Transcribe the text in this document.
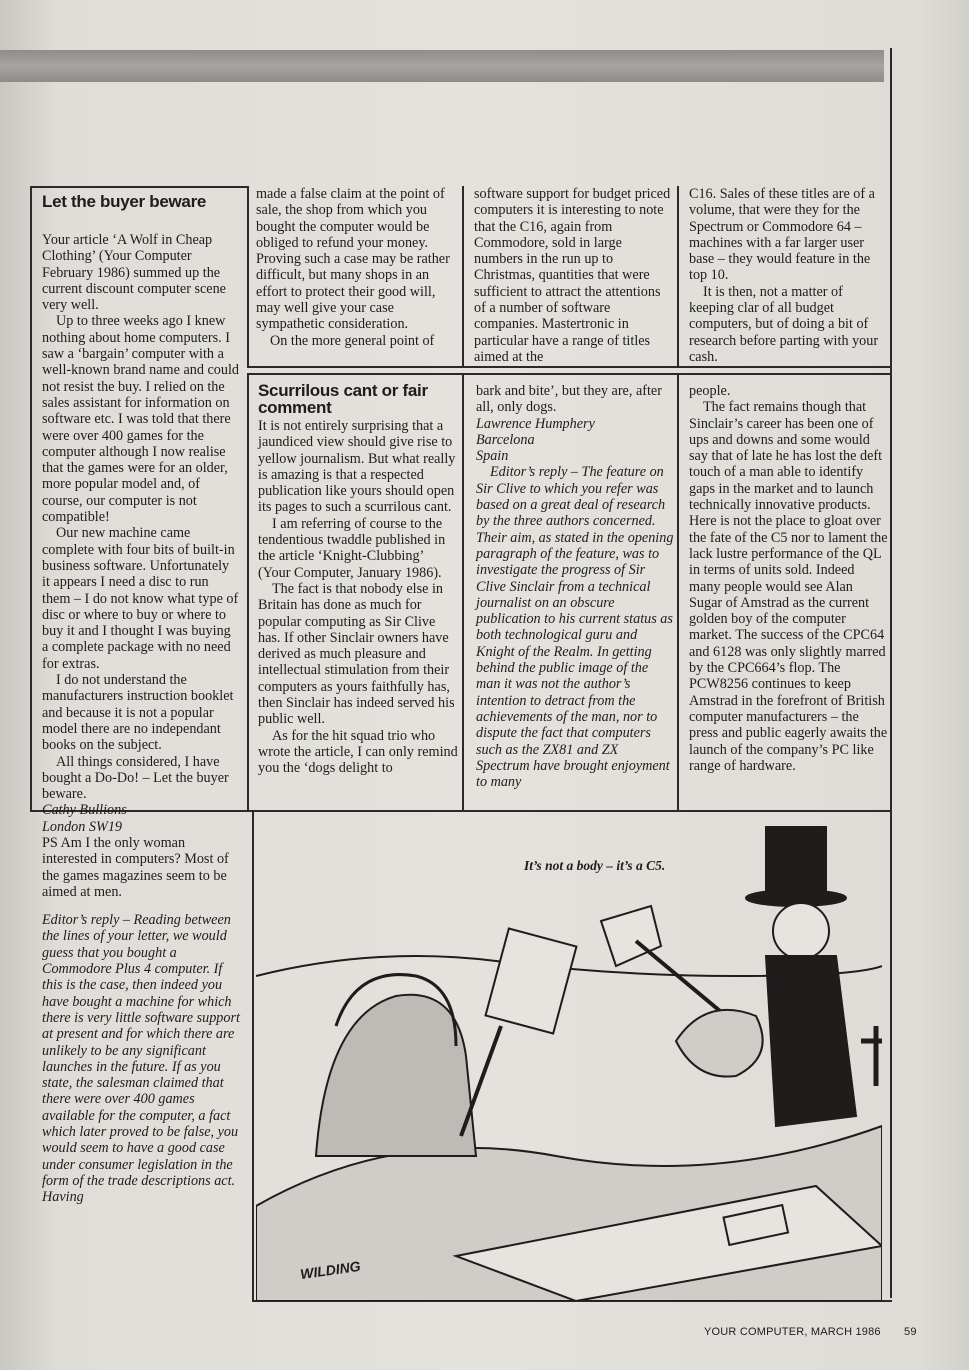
Let the buyer beware

Your article ‘A Wolf in Cheap Clothing’ (Your Computer February 1986) summed up the current discount computer scene very well.

Up to three weeks ago I knew nothing about home computers. I saw a ‘bargain’ computer with a well-known brand name and could not resist the buy. I relied on the sales assistant for information on software etc. I was told that there were over 400 games for the computer although I now realise that the games were for an older, more popular model and, of course, our computer is not compatible!

Our new machine came complete with four bits of built-in business software. Unfortunately it appears I need a disc to run them – I do not know what type of disc or where to buy or where to buy it and I thought I was buying a complete package with no need for extras.

I do not understand the manufacturers instruction booklet and because it is not a popular model there are no independant books on the subject.

All things considered, I have bought a Do-Do! – Let the buyer beware.

Cathy Bullions

London SW19

PS Am I the only woman interested in computers? Most of the games magazines seem to be aimed at men.

Editor’s reply – Reading between the lines of your letter, we would guess that you bought a Commodore Plus 4 computer. If this is the case, then indeed you have bought a machine for which there is very little software support at present and for which there are unlikely to be any significant launches in the future. If as you state, the salesman claimed that there were over 400 games available for the computer, a fact which later proved to be false, you would seem to have a good case under consumer legislation in the form of the trade descriptions act. Having

made a false claim at the point of sale, the shop from which you bought the computer would be obliged to refund your money. Proving such a case may be rather difficult, but many shops in an effort to protect their good will, may well give your case sympathetic consideration.

On the more general point of

software support for budget priced computers it is interesting to note that the C16, again from Commodore, sold in large numbers in the run up to Christmas, quantities that were sufficient to attract the attentions of a number of software companies. Mastertronic in particular have a range of titles aimed at the

C16. Sales of these titles are of a volume, that were they for the Spectrum or Commodore 64 – machines with a far larger user base – they would feature in the top 10.

It is then, not a matter of keeping clar of all budget computers, but of doing a bit of research before parting with your cash.

Scurrilous cant or fair comment

It is not entirely surprising that a jaundiced view should give rise to yellow journalism. But what really is amazing is that a respected publication like yours should open its pages to such a scurrilous cant.

I am referring of course to the tendentious twaddle published in the article ‘Knight-Clubbing’ (Your Computer, January 1986).

The fact is that nobody else in Britain has done as much for popular computing as Sir Clive has. If other Sinclair owners have derived as much pleasure and intellectual stimulation from their computers as yours faithfully has, then Sinclair has indeed served his public well.

As for the hit squad trio who wrote the article, I can only remind you the ‘dogs delight to

bark and bite’, but they are, after all, only dogs.

Lawrence Humphery

Barcelona

Spain

Editor’s reply – The feature on Sir Clive to which you refer was based on a great deal of research by the three authors concerned. Their aim, as stated in the opening paragraph of the feature, was to investigate the progress of Sir Clive Sinclair from a technical journalist on an obscure publication to his current status as both technological guru and Knight of the Realm. In getting behind the public image of the man it was not the author’s intention to detract from the achievements of the man, nor to dispute the fact that computers such as the ZX81 and ZX Spectrum have brought enjoyment to many

people.

The fact remains though that Sinclair’s career has been one of ups and downs and some would say that of late he has lost the deft touch of a man able to identify gaps in the market and to launch technically innovative products. Here is not the place to gloat over the fate of the C5 nor to lament the lack lustre performance of the QL in terms of units sold. Indeed many people would see Alan Sugar of Amstrad as the current golden boy of the computer market. The success of the CPC64 and 6128 was only slightly marred by the CPC664’s flop. The PCW8256 continues to keep Amstrad in the forefront of British computer manufacturers – the press and public eagerly awaits the launch of the company’s PC like range of hardware.

It’s not a body – it’s a C5.
WILDING
YOUR COMPUTER, MARCH 1986 59
